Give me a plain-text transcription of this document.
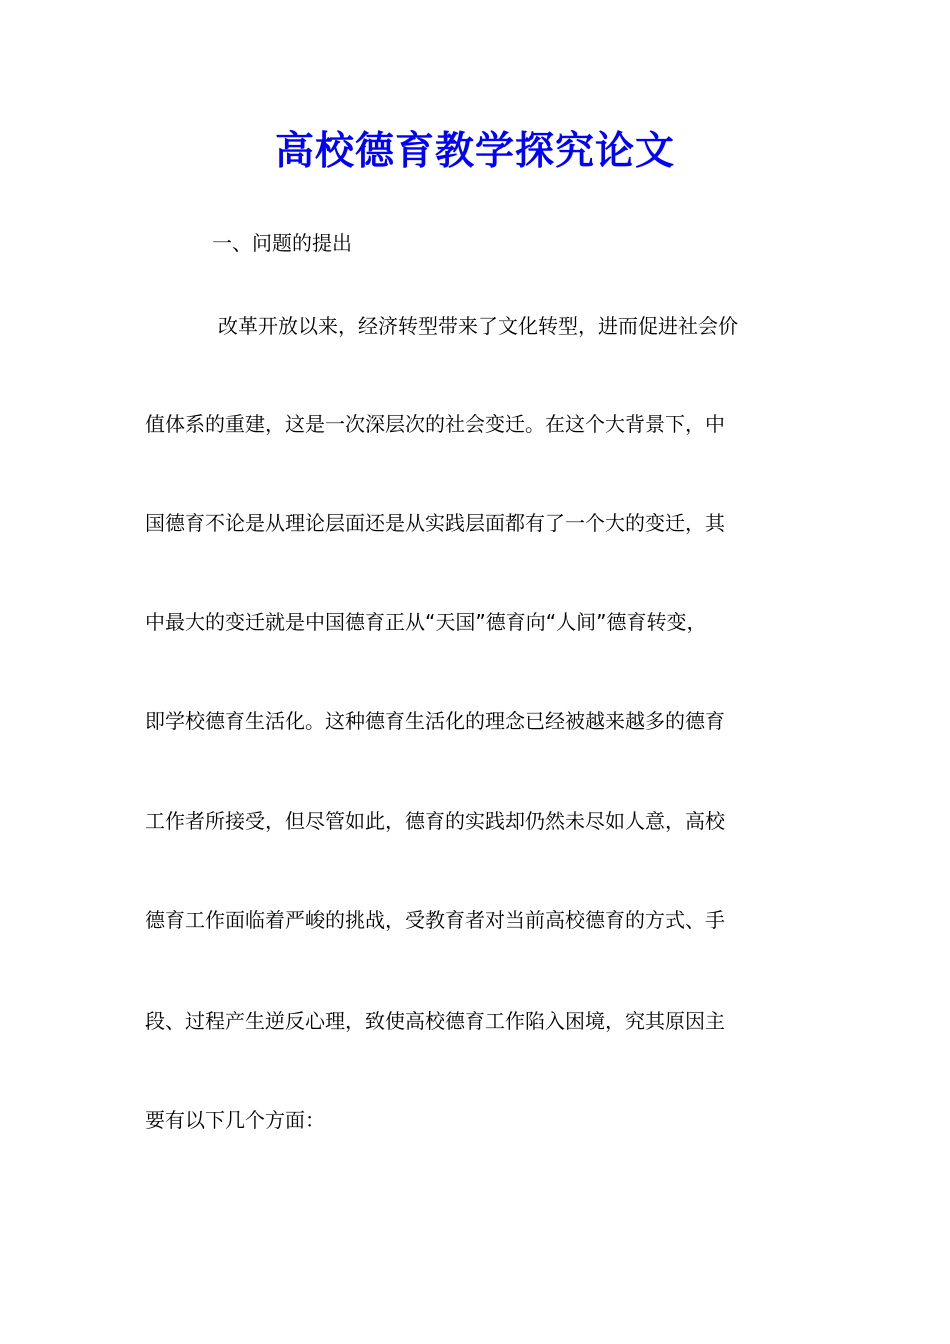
高校德育教学探究论文

一、问题的提出

改革开放以来，经济转型带来了文化转型，进而促进社会价

值体系的重建，这是一次深层次的社会变迁。在这个大背景下，中

国德育不论是从理论层面还是从实践层面都有了一个大的变迁，其

中最大的变迁就是中国德育正从“天国”德育向“人间”德育转变，

即学校德育生活化。这种德育生活化的理念已经被越来越多的德育

工作者所接受，但尽管如此，德育的实践却仍然未尽如人意，高校

德育工作面临着严峻的挑战，受教育者对当前高校德育的方式、手

段、过程产生逆反心理，致使高校德育工作陷入困境，究其原因主

要有以下几个方面：
